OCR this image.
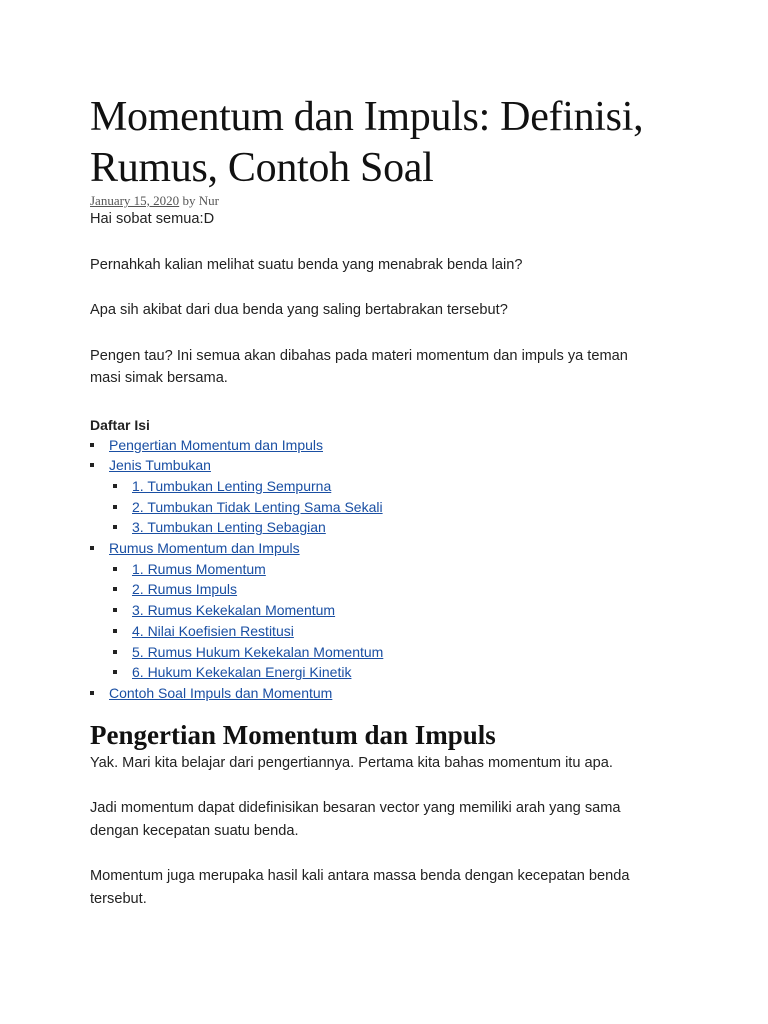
Momentum dan Impuls: Definisi, Rumus, Contoh Soal
January 15, 2020 by Nur

Hai sobat semua:D

Pernahkah kalian melihat suatu benda yang menabrak benda lain?

Apa sih akibat dari dua benda yang saling bertabrakan tersebut?

Pengen tau? Ini semua akan dibahas pada materi momentum dan impuls ya teman masi simak bersama.

Daftar Isi
Pengertian Momentum dan Impuls
Jenis Tumbukan
1. Tumbukan Lenting Sempurna
2. Tumbukan Tidak Lenting Sama Sekali
3. Tumbukan Lenting Sebagian
Rumus Momentum dan Impuls
1. Rumus Momentum
2. Rumus Impuls
3. Rumus Kekekalan Momentum
4. Nilai Koefisien Restitusi
5. Rumus Hukum Kekekalan Momentum
6. Hukum Kekekalan Energi Kinetik
Contoh Soal Impuls dan Momentum
Pengertian Momentum dan Impuls

Yak. Mari kita belajar dari pengertiannya. Pertama kita bahas momentum itu apa.

Jadi momentum dapat didefinisikan besaran vector yang memiliki arah yang sama dengan kecepatan suatu benda.

Momentum juga merupaka hasil kali antara massa benda dengan kecepatan benda tersebut.
